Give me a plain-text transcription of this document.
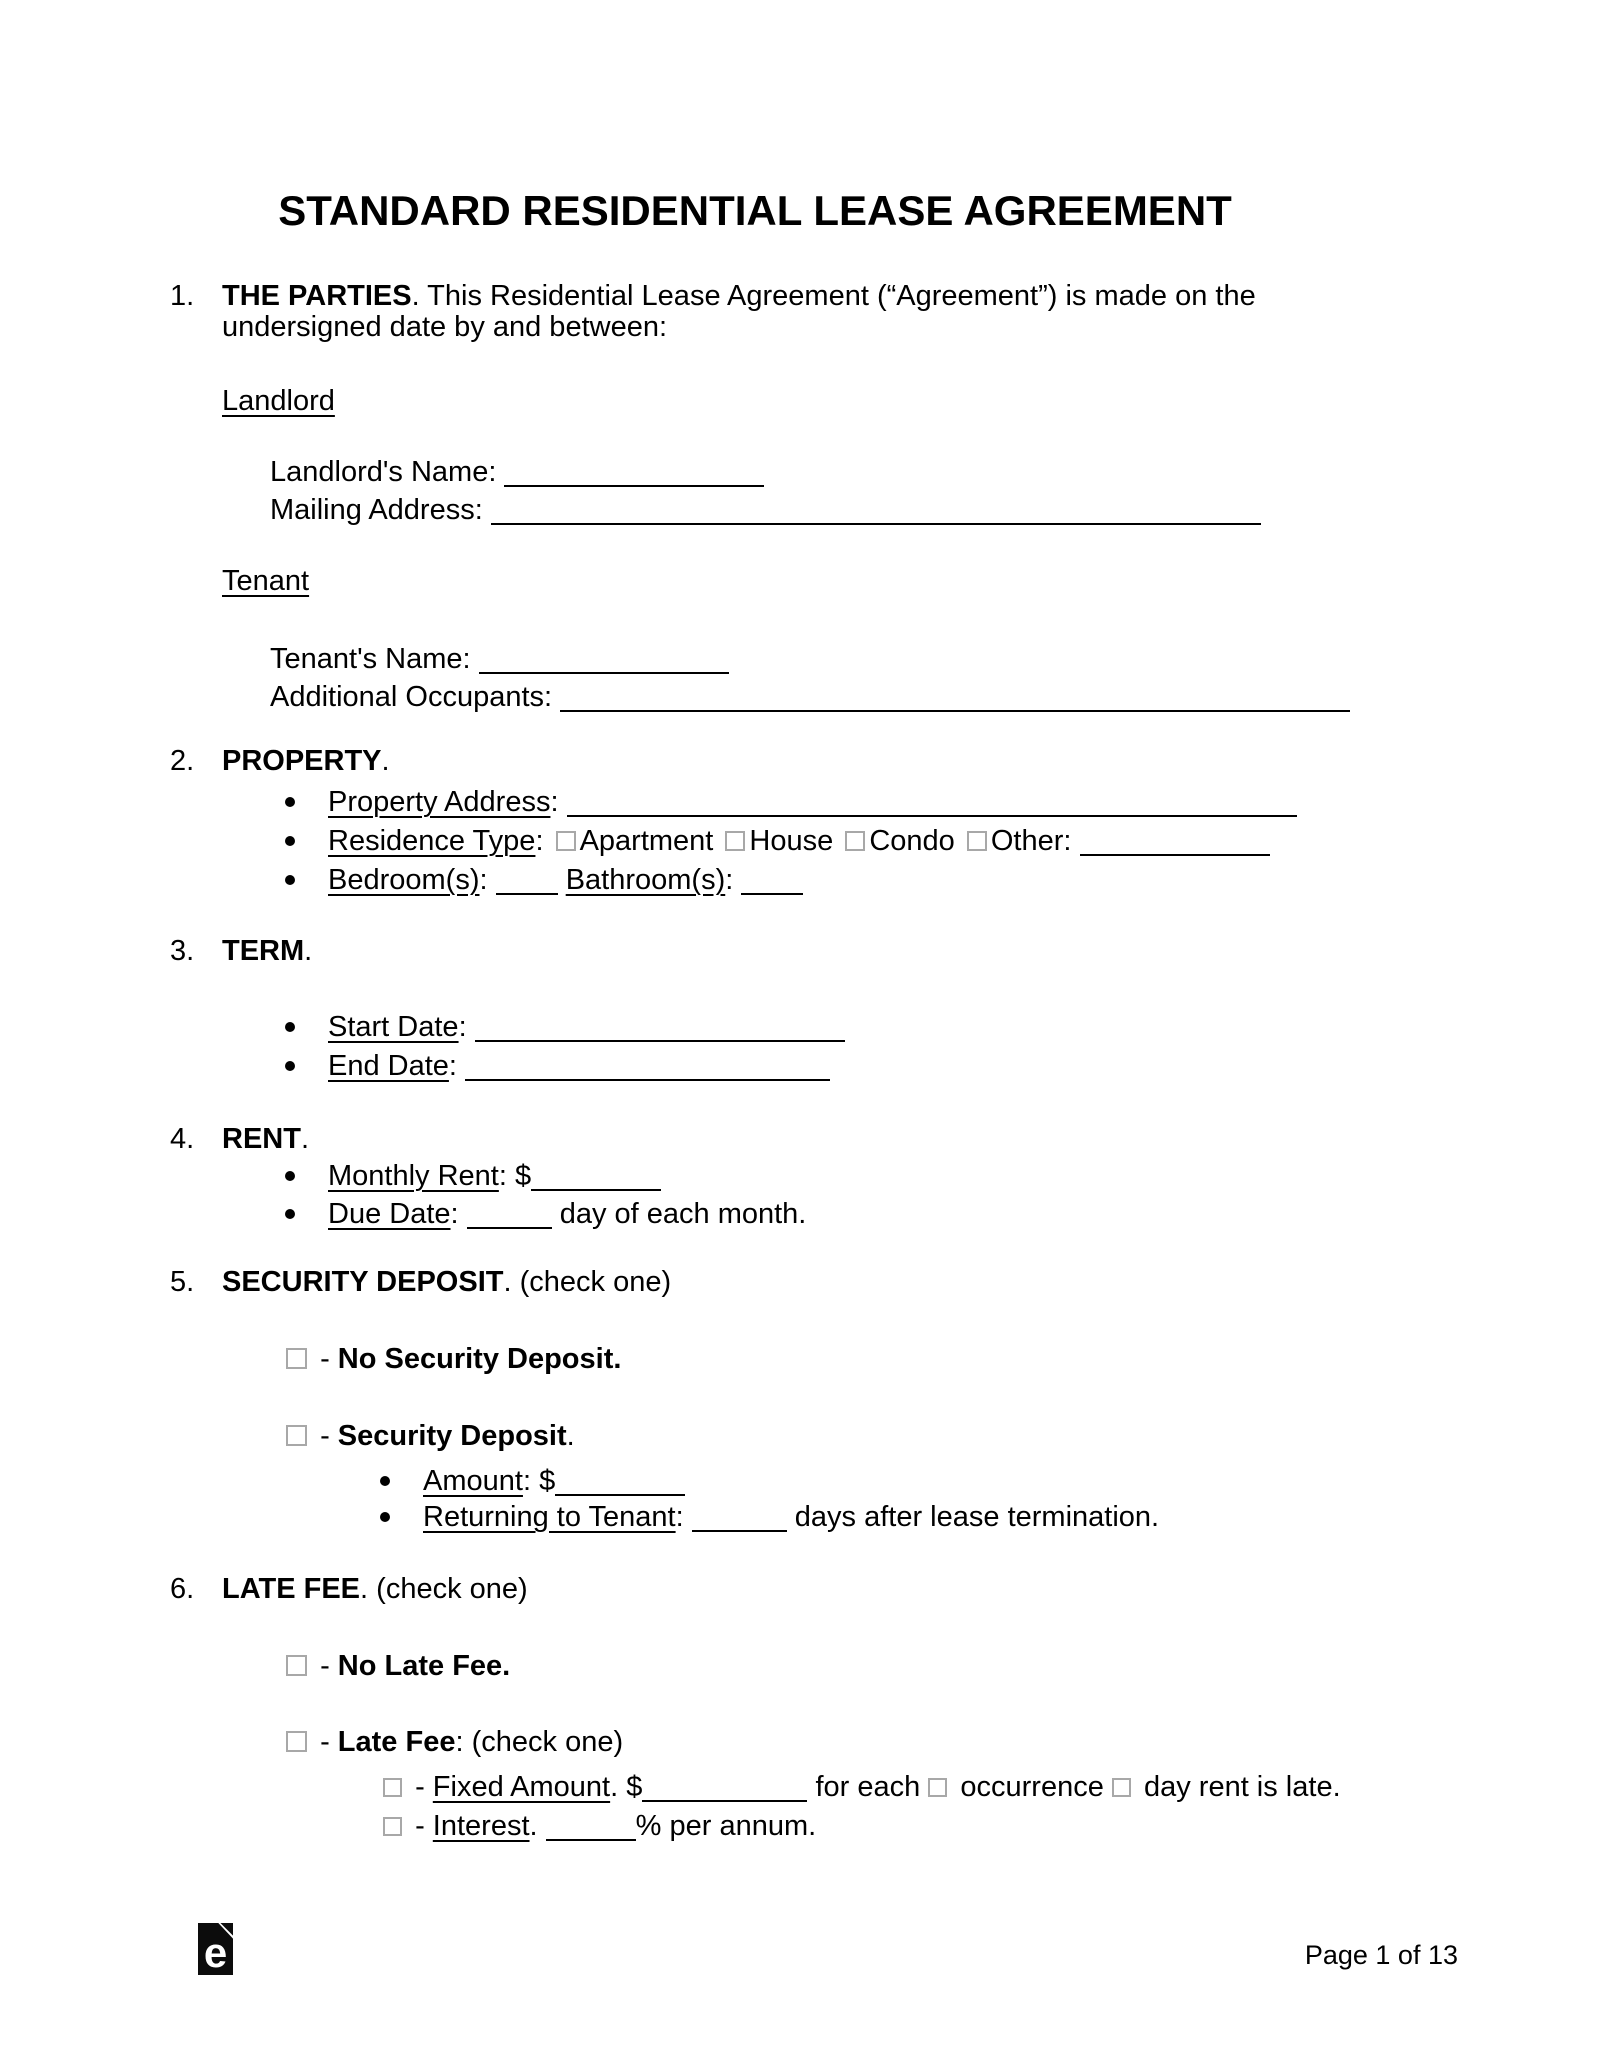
STANDARD RESIDENTIAL LEASE AGREEMENT
1. THE PARTIES. This Residential Lease Agreement (“Agreement”) is made on the
undersigned date by and between:
Landlord
Landlord's Name:
Mailing Address:
Tenant
Tenant's Name:
Additional Occupants:
2. PROPERTY.
Property Address:
Residence Type: Apartment House Condo Other:
Bedroom(s):	Bathroom(s):
3. TERM.
Start Date:
End Date:
4. RENT.
Monthly Rent: $
Due Date:	day of each month.
5. SECURITY DEPOSIT. (check one)
- No Security Deposit.
- Security Deposit.
Amount: $
Returning to Tenant:	days after lease termination.
6. LATE FEE. (check one)
- No Late Fee.
- Late Fee: (check one)
- Fixed Amount. $	for each occurrence day rent is late.
- Interest.	% per annum.
e	Page 1 of 13
